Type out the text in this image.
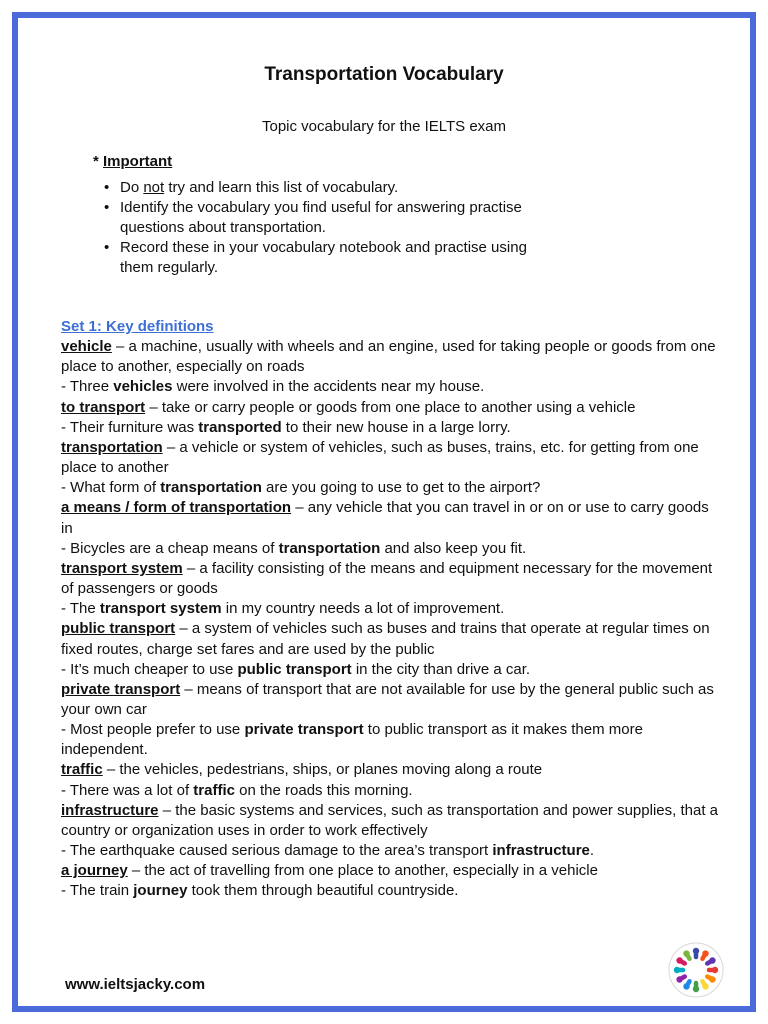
Transportation Vocabulary
Topic vocabulary for the IELTS exam
* Important
• Do not try and learn this list of vocabulary.
• Identify the vocabulary you find useful for answering practise questions about transportation.
• Record these in your vocabulary notebook and practise using them regularly.

Set 1: Key definitions

vehicle – a machine, usually with wheels and an engine, used for taking people or goods from one place to another, especially on roads

- Three vehicles were involved in the accidents near my house.

to transport – take or carry people or goods from one place to another using a vehicle

- Their furniture was transported to their new house in a large lorry.

transportation – a vehicle or system of vehicles, such as buses, trains, etc. for getting from one place to another

- What form of transportation are you going to use to get to the airport?

a means / form of transportation – any vehicle that you can travel in or on or use to carry goods in

- Bicycles are a cheap means of transportation and also keep you fit.

transport system – a facility consisting of the means and equipment necessary for the movement of passengers or goods

- The transport system in my country needs a lot of improvement.

public transport – a system of vehicles such as buses and trains that operate at regular times on fixed routes, charge set fares and are used by the public

- It’s much cheaper to use public transport in the city than drive a car.

private transport – means of transport that are not available for use by the general public such as your own car

- Most people prefer to use private transport to public transport as it makes them more independent.

traffic – the vehicles, pedestrians, ships, or planes moving along a route

- There was a lot of traffic on the roads this morning.

infrastructure – the basic systems and services, such as transportation and power supplies, that a country or organization uses in order to work effectively

- The earthquake caused serious damage to the area’s transport infrastructure.

a journey – the act of travelling from one place to another, especially in a vehicle

- The train journey took them through beautiful countryside.

www.ieltsjacky.com
